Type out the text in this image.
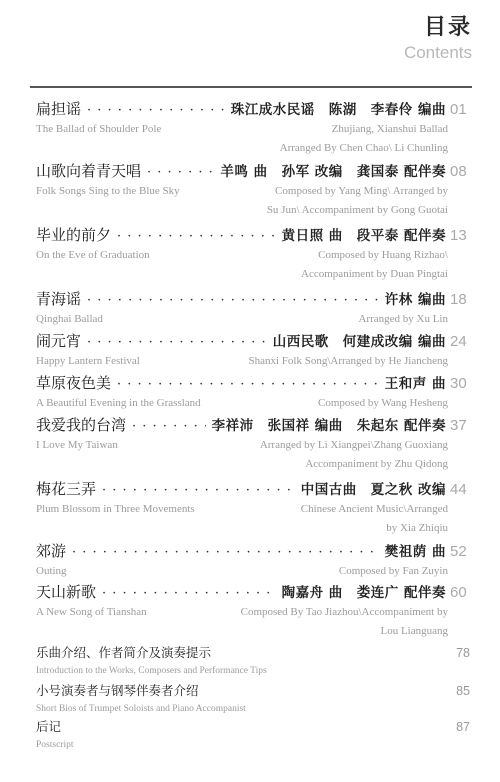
目录
Contents
扁担谣 · · ·	珠江成水民谣　陈湖　李春伶 编曲 01
The Ballad of Shoulder Pole	Zhujiang, Xianshui Ballad
Arranged By Chen Chao\ Li Chunling
山歌向着青天唱 · · ·	羊鸣 曲　孙军 改编　龚国泰 配伴奏 08
Folk Songs Sing to the Blue Sky	Composed by Yang Ming\ Arranged by
Su Jun\ Accompaniment by Gong Guotai
毕业的前夕 · · ·	黄日照 曲　段平泰 配伴奏 13
On the Eve of Graduation	Composed by Huang Rizhao\
Accompaniment by Duan Pingtai
青海谣 · · ·	许林 编曲 18
Qinghai Ballad	Arranged by Xu Lin
闹元宵 · · ·	山西民歌　何建成改编 编曲 24
Happy Lantern Festival	Shanxi Folk Song\Arranged by He Jiancheng
草原夜色美 · · ·	王和声 曲 30
A Beautiful Evening in the Grassland	Composed by Wang Hesheng
我爱我的台湾 · · ·	李祥沛　张国祥 编曲　朱起东 配伴奏 37
I Love My Taiwan	Arranged by Li Xiangpei\Zhang Guoxiang
Accompaniment by Zhu Qidong
梅花三弄 · · ·	中国古曲　夏之秋 改编 44
Plum Blossom in Three Movements	Chinese Ancient Music\Arranged
by Xia Zhiqiu
郊游 · · ·	樊祖荫 曲 52
Outing	Composed by Fan Zuyin
天山新歌 · · ·	陶嘉舟 曲　娄连广 配伴奏 60
A New Song of Tianshan	Composed By Tao Jiazhou\Accompaniment by
Lou Lianguang
乐曲介绍、作者简介及演奏提示	78
Introduction to the Works, Composers and Performance Tips
小号演奏者与钢琴伴奏者介绍	85
Short Bios of Trumpet Soloists and Piano Accompanist
后记	87
Postscript
